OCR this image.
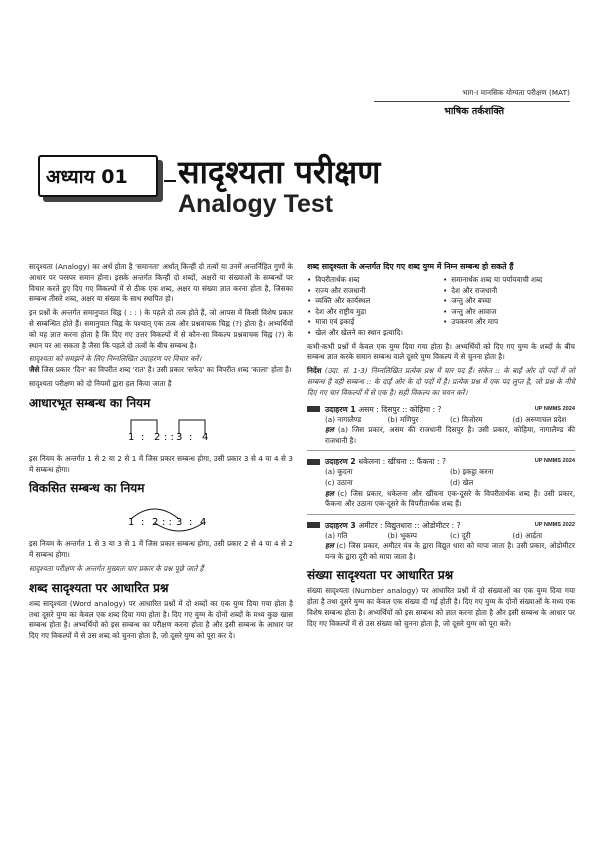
भाग-I मानसिक योग्यता परीक्षण (MAT)
भाषिक तर्कशक्ति
अध्याय 01 सादृश्यता परीक्षण
Analogy Test

सादृश्यता (Analogy) का अर्थ होता है 'समानता' अर्थात् किन्हीं दो तत्वों या उनमें अन्तर्निहित गुणों के आधार पर परस्पर समान होना। इसके अन्तर्गत किन्हीं दो शब्दों, अक्षरों या संख्याओं के सम्बन्धों पर विचार करते हुए दिए गए विकल्पों में से ठीक एक शब्द, अक्षर या संख्या ज्ञात करना होता है, जिसका सम्बन्ध तीसरे शब्द, अक्षर या संख्या के साथ स्थापित हो।

इन प्रश्नों के अन्तर्गत समानुपात चिह्न ( : : ) के पहले दो तत्व होते हैं, जो आपस में किसी विशेष प्रकार से सम्बन्धित होते हैं। समानुपात चिह्न के पश्चात् एक तत्व और प्रश्नवाचक चिह्न (?) होता है। अभ्यर्थियों को यह ज्ञात करना होता है कि दिए गए उत्तर विकल्पों में से कौन-सा विकल्प प्रश्नवाचक चिह्न (?) के स्थान पर आ सकता है जैसा कि पहले दो तत्वों के बीच सम्बन्ध है।

सादृश्यता को समझने के लिए निम्नलिखित उदाहरण पर विचार करें।
जैसे जिस प्रकार 'दिन' का विपरीत शब्द 'रात' है। उसी प्रकार 'सफेद' का विपरीत शब्द 'काला' होता है।

सादृश्यता परीक्षण को दो नियमों द्वारा हल किया जाता है

आधारभूत सम्बन्ध का नियम
1 : 2 : : 3 : 4

इस नियम के अन्तर्गत 1 से 2 या 2 से 1 में जिस प्रकार सम्बन्ध होगा, उसी प्रकार 3 से 4 या 4 से 3 में सम्बन्ध होगा।

विकसित सम्बन्ध का नियम
1 : 2 : : 3 : 4

इस नियम के अन्तर्गत 1 से 3 या 3 से 1 में जिस प्रकार सम्बन्ध होगा, उसी प्रकार 2 से 4 या 4 से 2 में सम्बन्ध होगा।

सादृश्यता परीक्षण के अन्तर्गत मुख्यतः चार प्रकार के प्रश्न पूछे जाते हैं

शब्द सादृश्यता पर आधारित प्रश्न

शब्द सादृश्यता (Word analogy) पर आधारित प्रश्नों में दो शब्दों का एक युग्म दिया गया होता है तथा दूसरे युग्म का केवल एक शब्द दिया गया होता है। दिए गए युग्म के दोनों शब्दों के मध्य कुछ खास सम्बन्ध होता है। अभ्यर्थियों को इस सम्बन्ध का परीक्षण करना होता है और इसी सम्बन्ध के आधार पर दिए गए विकल्पों में से उस शब्द को चुनना होता है, जो दूसरे युग्म को पूरा कर दे।

शब्द सादृश्यता के अन्तर्गत दिए गए शब्द युग्म में निम्न सम्बन्ध हो सकते हैं
• विपरीतार्थक शब्द	• समानार्थक शब्द या पर्यायवाची शब्द
• राज्य और राजधानी	• देश और राजधानी
• व्यक्ति और कार्यस्थल	• जन्तु और बच्चा
• देश और राष्ट्रीय मुद्रा	• जन्तु और आवाज
• मात्रा एवं इकाई	• उपकरण और माप
• खेल और खेलने का स्थान इत्यादि।

कभी-कभी प्रश्नों में केवल एक युग्म दिया गया होता है। अभ्यर्थियों को दिए गए युग्म के शब्दों के बीच सम्बन्ध ज्ञात करके समान सम्बन्ध वाले दूसरे युग्म विकल्प में से चुनना होता है।

निर्देश (उदा. सं. 1-3) निम्नलिखित प्रत्येक प्रश्न में चार पद हैं। संकेत :: के बाईं ओर दो पदों में जो सम्बन्ध है वही सम्बन्ध :: के दाईं ओर के दो पदों में है। प्रत्येक प्रश्न में एक पद लुप्त है, जो प्रश्न के नीचे दिए गए चार विकल्पों में से एक है। सही विकल्प का चयन करें।

उदाहरण 1
असम : दिसपुर :: कोहिमा : ?	UP NMMS 2024
(a) नागालैण्ड	(b) मणिपुर	(c) मिजोरम	(d) अरुणाचल प्रदेश
हल (a) जिस प्रकार, असम की राजधानी दिसपुर है। उसी प्रकार, कोहिमा, नागालैण्ड की राजधानी है।
उदाहरण 2
धकेलना : खींचना :: फैंकना : ?	UP NMMS 2024
(a) कूदना	(b) इकट्ठा करना
(c) उठाना	(d) खेल
हल (c) जिस प्रकार, धकेलना और खींचना एक-दूसरे के विपरीतार्थक शब्द हैं। उसी प्रकार, फैंकना और उठाना एक-दूसरे के विपरीतार्थक शब्द हैं।
उदाहरण 3
अमीटर : विद्युतधारा :: ओडोमीटर : ?	UP NMMS 2022
(a) गति	(b) भूकम्प	(c) दूरी	(d) आर्द्रता
हल (c) जिस प्रकार, अमीटर यंत्र के द्वारा विद्युत धारा को मापा जाता है। उसी प्रकार, ओडोमीटर यन्त्र के द्वारा दूरी को मापा जाता है।
संख्या सादृश्यता पर आधारित प्रश्न

संख्या सादृश्यता (Number analogy) पर आधारित प्रश्नों में दो संख्याओं का एक युग्म दिया गया होता है तथा दूसरे युग्म का केवल एक संख्या दी गई होती है। दिए गए युग्म के दोनों संख्याओं के मध्य एक विशेष सम्बन्ध होता है। अभ्यर्थियों को इस सम्बन्ध को ज्ञात करना होता है और इसी सम्बन्ध के आधार पर दिए गए विकल्पों में से उस संख्या को चुनना होता है, जो दूसरे युग्म को पूरा करें।
